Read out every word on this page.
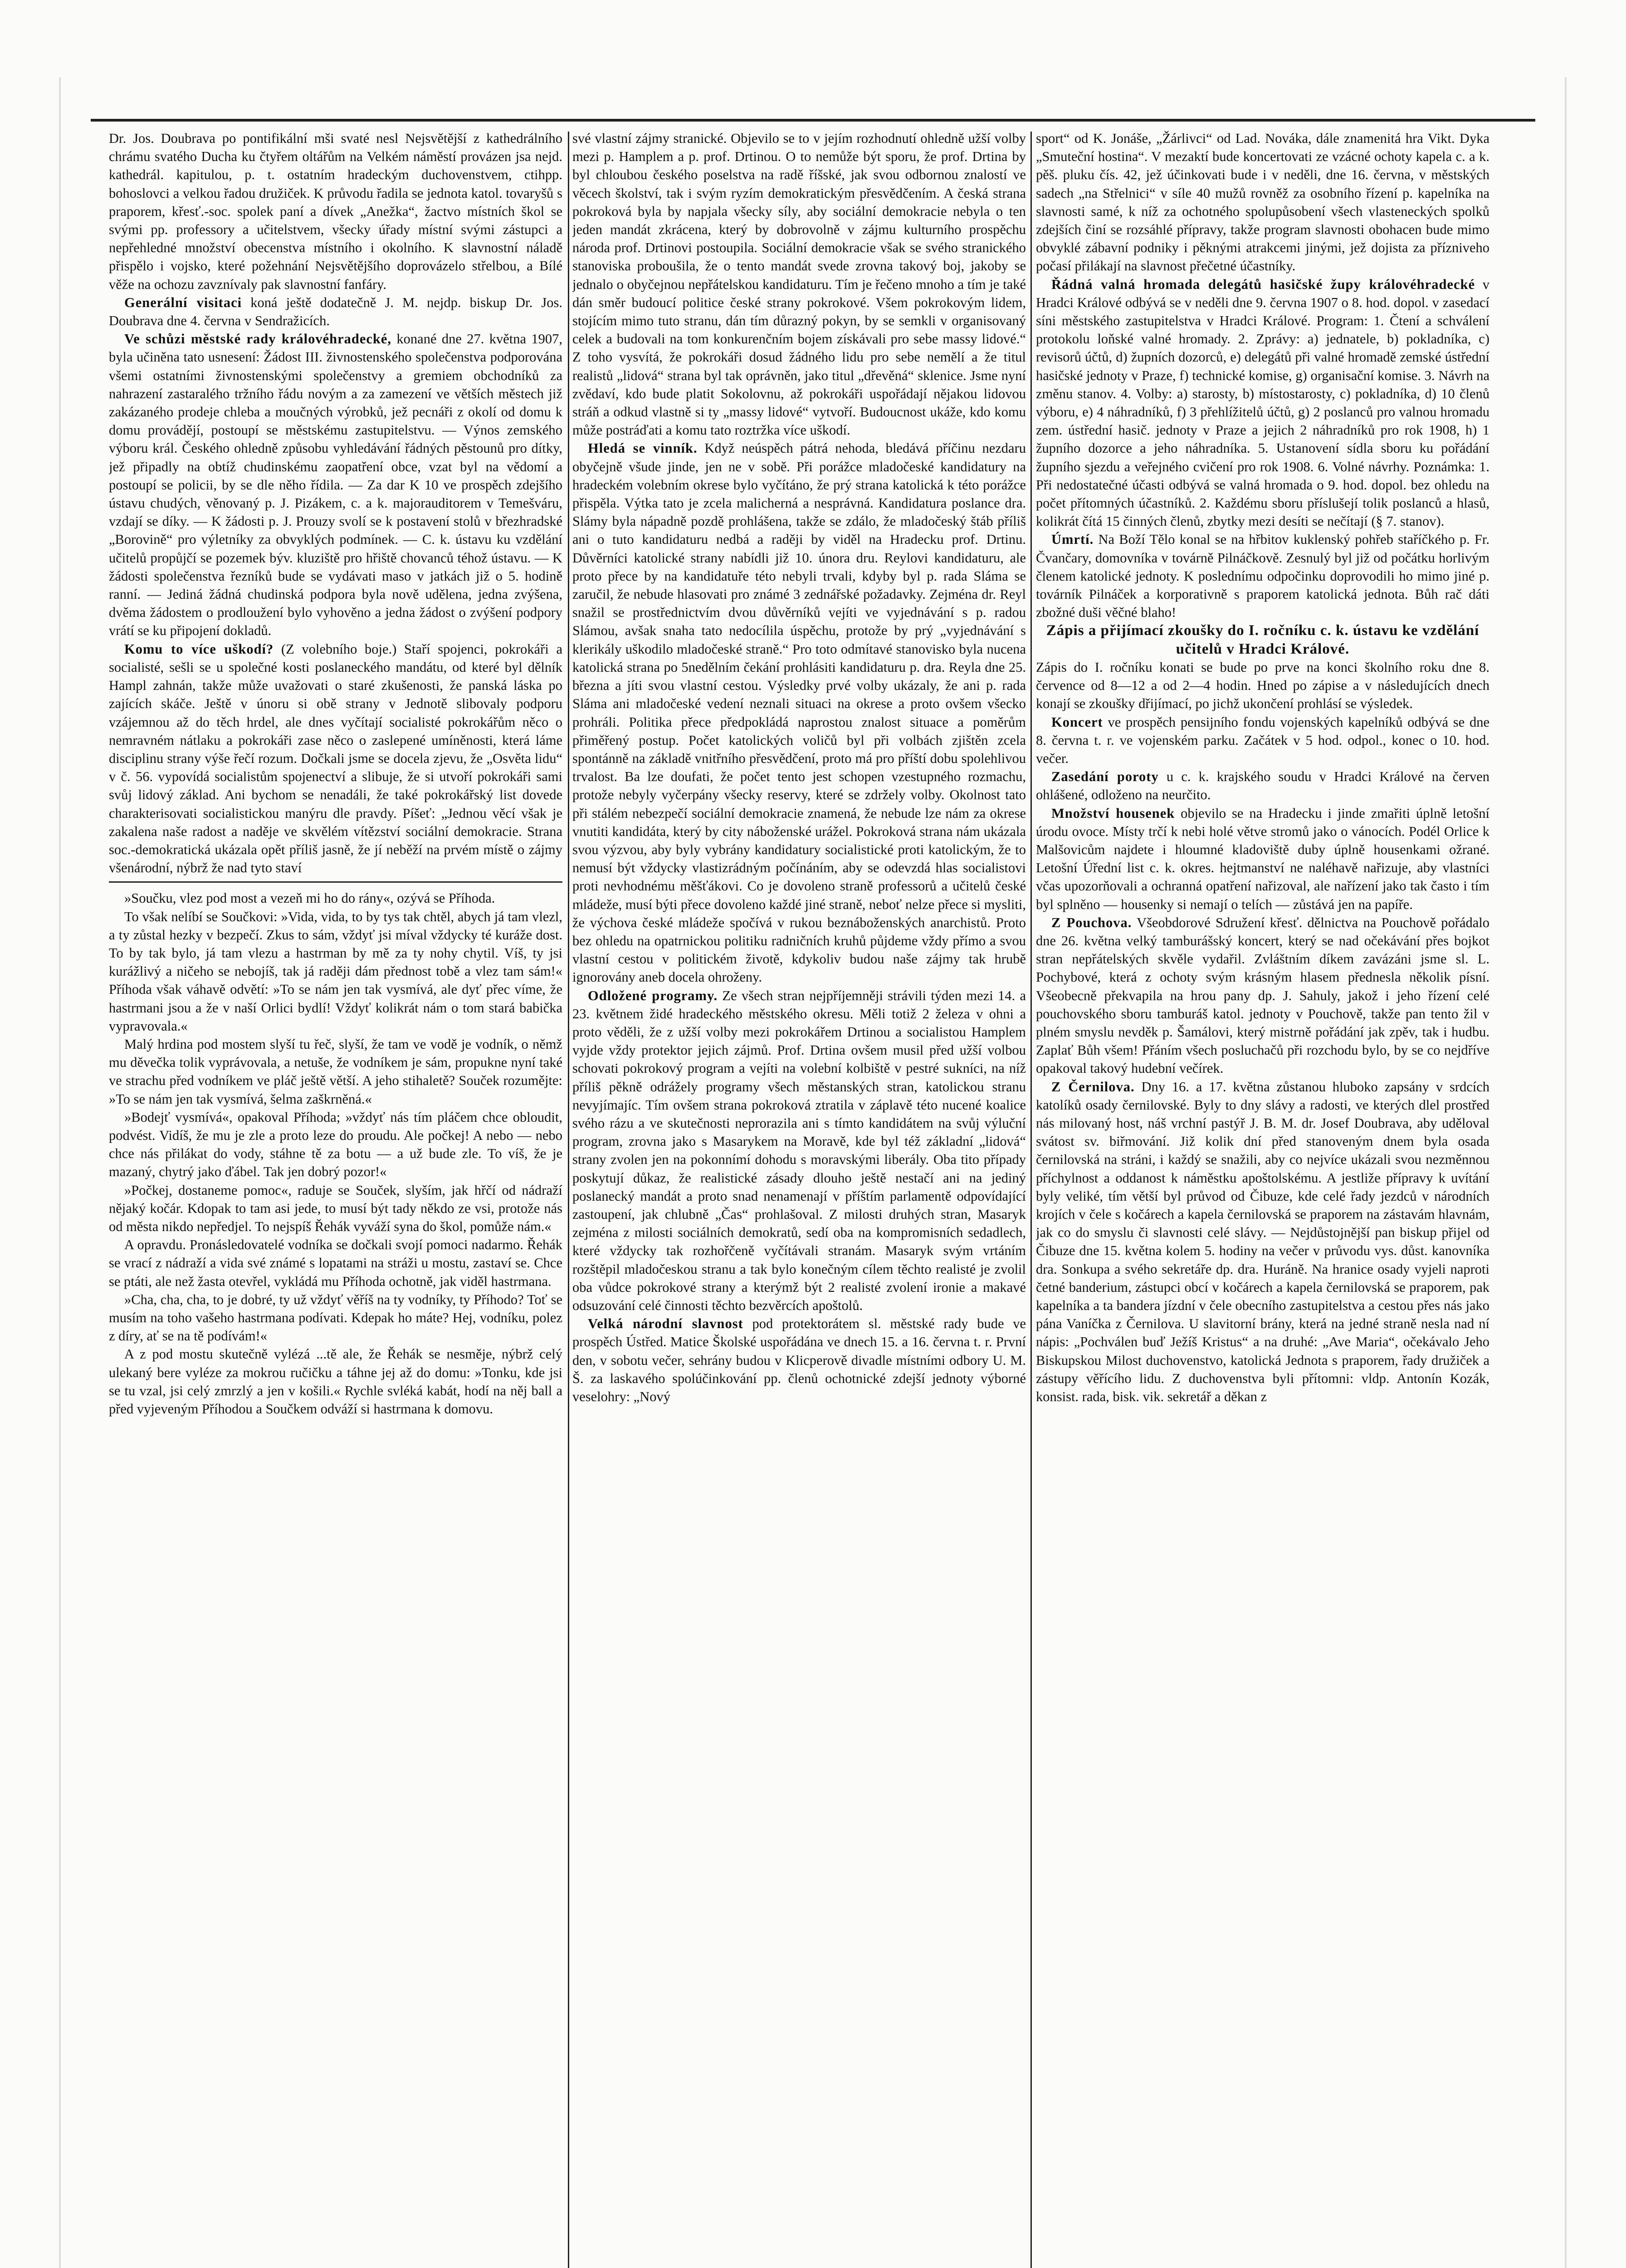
Dr. Jos. Doubrava po pontifikální mši svaté nesl Nejsvětější z kathedrálního chrámu svatého Ducha ku čtyřem oltářům na Velkém náměstí provázen jsa nejd. kathedrál. kapitulou, p. t. ostatním hradeckým duchovenstvem, ctihpp. bohoslovci a velkou řadou družiček. K průvodu řadila se jednota katol. tovaryšů s praporem, křesť.-soc. spolek paní a dívek „Anežka“, žactvo místních škol se svými pp. professory a učitelstvem, všecky úřady místní svými zástupci a nepřehledné množství obecenstva místního i okolního. K slavnostní náladě přispělo i vojsko, které požehnání Nejsvětějšího doprovázelo střelbou, a Bílé věže na ochozu zavznívaly pak slavnostní fanfáry.

Generální visitaci koná ještě dodatečně J. M. nejdp. biskup Dr. Jos. Doubrava dne 4. června v Sendražicích.

Ve schůzi městské rady královéhradecké, konané dne 27. května 1907, byla učiněna tato usnesení: Žádost III. živnostenského společenstva podporována všemi ostatními živnostenskými společenstvy a gremiem obchodníků za nahrazení zastaralého tržního řádu novým a za zamezení ve větších městech již zakázaného prodeje chleba a moučných výrobků, jež pecnáři z okolí od domu k domu provádějí, postoupí se městskému zastupitelstvu. — Výnos zemského výboru král. Českého ohledně způsobu vyhledávání řádných pěstounů pro dítky, jež připadly na obtíž chudinskému zaopatření obce, vzat byl na vědomí a postoupí se policii, by se dle něho řídila. — Za dar K 10 ve prospěch zdejšího ústavu chudých, věnovaný p. J. Pizákem, c. a k. majorauditorem v Temešváru, vzdají se díky. — K žádosti p. J. Prouzy svolí se k postavení stolů v březhradské „Borovině“ pro výletníky za obvyklých podmínek. — C. k. ústavu ku vzdělání učitelů propůjčí se pozemek býv. kluziště pro hřiště chovanců téhož ústavu. — K žádosti společenstva řezníků bude se vydávati maso v jatkách již o 5. hodině ranní. — Jediná žádná chudinská podpora byla nově udělena, jedna zvýšena, dvěma žádostem o prodloužení bylo vyhověno a jedna žádost o zvýšení podpory vrátí se ku připojení dokladů.

Komu to více uškodí? (Z volebního boje.) Staří spojenci, pokrokáři a socialisté, sešli se u společné kosti poslaneckého mandátu, od které byl dělník Hampl zahnán, takže může uvažovati o staré zkušenosti, že panská láska po zajících skáče. Ještě v únoru si obě strany v Jednotě slibovaly podporu vzájemnou až do těch hrdel, ale dnes vyčítají socialisté pokrokářům něco o nemravném nátlaku a pokrokáři zase něco o zaslepené umíněnosti, která láme disciplinu strany výše řečí rozum. Dočkali jsme se docela zjevu, že „Osvěta lidu“ v č. 56. vypovídá socialistům spojenectví a slibuje, že si utvoří pokrokáři sami svůj lidový základ. Ani bychom se nenadáli, že také pokrokářský list dovede charakterisovati socialistickou manýru dle pravdy. Píšeť: „Jednou věcí však je zakalena naše radost a naděje ve skvělém vítězství sociální demokracie. Strana soc.-demokratická ukázala opět příliš jasně, že jí neběží na prvém místě o zájmy všenárodní, nýbrž že nad tyto staví

»Součku, vlez pod most a vezeň mi ho do rány«, ozývá se Příhoda.

To však nelíbí se Součkovi: »Vida, vida, to by tys tak chtěl, abych já tam vlezl, a ty zůstal hezky v bezpečí. Zkus to sám, vždyť jsi míval vždycky té kuráže dost. To by tak bylo, já tam vlezu a hastrman by mě za ty nohy chytil. Víš, ty jsi kurážlivý a ničeho se nebojíš, tak já raději dám přednost tobě a vlez tam sám!« Příhoda však váhavě odvětí: »To se nám jen tak vysmívá, ale dyť přec víme, že hastrmani jsou a že v naší Orlici bydlí! Vždyť kolikrát nám o tom stará babička vypravovala.«

Malý hrdina pod mostem slyší tu řeč, slyší, že tam ve vodě je vodník, o němž mu děvečka tolik vyprávovala, a netuše, že vodníkem je sám, propukne nyní také ve strachu před vodníkem ve pláč ještě větší. A jeho stihaletě? Souček rozumějte: »To se nám jen tak vysmívá, šelma zaškrněná.«

»Bodejť vysmívá«, opakoval Příhoda; »vždyť nás tím pláčem chce obloudit, podvést. Vidíš, že mu je zle a proto leze do proudu. Ale počkej! A nebo — nebo chce nás přilákat do vody, stáhne tě za botu — a už bude zle. To víš, že je mazaný, chytrý jako ďábel. Tak jen dobrý pozor!«

»Počkej, dostaneme pomoc«, raduje se Souček, slyším, jak hřčí od nádraží nějaký kočár. Kdopak to tam asi jede, to musí být tady někdo ze vsi, protože nás od města nikdo nepředjel. To nejspíš Řehák vyváží syna do škol, pomůže nám.«

A opravdu. Pronásledovatelé vodníka se dočkali svojí pomoci nadarmo. Řehák se vrací z nádraží a vida své známé s lopatami na stráži u mostu, zastaví se. Chce se ptáti, ale než žasta otevřel, vykládá mu Příhoda ochotně, jak viděl hastrmana.

»Cha, cha, cha, to je dobré, ty už vždyť věříš na ty vodníky, ty Příhodo? Toť se musím na toho vašeho hastrmana podívati. Kdepak ho máte? Hej, vodníku, polez z díry, ať se na tě podívám!«

A z pod mostu skutečně vylézá ...tě ale, že Řehák se nesměje, nýbrž celý ulekaný bere vyléze za mokrou ručičku a táhne jej až do domu: »Tonku, kde jsi se tu vzal, jsi celý zmrzlý a jen v košili.« Rychle svléká kabát, hodí na něj ball a před vyjeveným Příhodou a Součkem odváží si hastrmana k domovu.

své vlastní zájmy stranické. Objevilo se to v jejím rozhodnutí ohledně užší volby mezi p. Hamplem a p. prof. Drtinou. O to nemůže být sporu, že prof. Drtina by byl chloubou českého poselstva na radě říšské, jak svou odbornou znalostí ve věcech školství, tak i svým ryzím demokratickým přesvědčením. A česká strana pokroková byla by napjala všecky síly, aby sociální demokracie nebyla o ten jeden mandát zkrácena, který by dobrovolně v zájmu kulturního prospěchu národa prof. Drtinovi postoupila. Sociální demokracie však se svého stranického stanoviska proboušila, že o tento mandát svede zrovna takový boj, jakoby se jednalo o obyčejnou nepřátelskou kandidaturu. Tím je řečeno mnoho a tím je také dán směr budoucí politice české strany pokrokové. Všem pokrokovým lidem, stojícím mimo tuto stranu, dán tím důrazný pokyn, by se semkli v organisovaný celek a budovali na tom konkurenčním bojem získávali pro sebe massy lidové.“ Z toho vysvítá, že pokrokáři dosud žádného lidu pro sebe nemělí a že titul realistů „lidová“ strana byl tak oprávněn, jako titul „dřevěná“ sklenice. Jsme nyní zvědaví, kdo bude platit Sokolovnu, až pokrokáři uspořádají nějakou lidovou stráň a odkud vlastně si ty „massy lidové“ vytvoří. Budoucnost ukáže, kdo komu může postráďati a komu tato roztržka více uškodí.

Hledá se vinník. Když neúspěch pátrá nehoda, bledává příčinu nezdaru obyčejně všude jinde, jen ne v sobě. Při porážce mladočeské kandidatury na hradeckém volebním okrese bylo vyčítáno, že prý strana katolická k této porážce přispěla. Výtka tato je zcela malicherná a nesprávná. Kandidatura poslance dra. Slámy byla nápadně pozdě prohlášena, takže se zdálo, že mladočeský štáb příliš ani o tuto kandidaturu nedbá a raději by viděl na Hradecku prof. Drtinu. Důvěrníci katolické strany nabídli již 10. února dru. Reylovi kandidaturu, ale proto přece by na kandidatuře této nebyli trvali, kdyby byl p. rada Sláma se zaručil, že nebude hlasovati pro známé 3 zednářské požadavky. Zejména dr. Reyl snažil se prostřednictvím dvou důvěrníků vejíti ve vyjednávání s p. radou Slámou, avšak snaha tato nedocílila úspěchu, protože by prý „vyjednávání s klerikály uškodilo mladočeské straně.“ Pro toto odmítavé stanovisko byla nucena katolická strana po 5nedělním čekání prohlásiti kandidaturu p. dra. Reyla dne 25. března a jíti svou vlastní cestou. Výsledky prvé volby ukázaly, že ani p. rada Sláma ani mladočeské vedení neznali situaci na okrese a proto ovšem všecko prohráli. Politika přece předpokládá naprostou znalost situace a poměrům přiměřený postup. Počet katolických voličů byl při volbách zjištěn zcela spontánně na základě vnitřního přesvědčení, proto má pro příští dobu spolehlivou trvalost. Ba lze doufati, že počet tento jest schopen vzestupného rozmachu, protože nebyly vyčerpány všecky reservy, které se zdržely volby. Okolnost tato při stálém nebezpečí sociální demokracie znamená, že nebude lze nám za okrese vnutiti kandidáta, který by city náboženské urážel. Pokroková strana nám ukázala svou výzvou, aby byly vybrány kandidatury socialistické proti katolickým, že to nemusí být vždycky vlastizrádným počínáním, aby se odevzdá hlas socialistovi proti nevhodnému měšťákovi. Co je dovoleno straně professorů a učitelů české mládeže, musí býti přece dovoleno každé jiné straně, neboť nelze přece si mysliti, že výchova české mládeže spočívá v rukou beznáboženských anarchistů. Proto bez ohledu na opatrnickou politiku radničních kruhů půjdeme vždy přímo a svou vlastní cestou v politickém životě, kdykoliv budou naše zájmy tak hrubě ignorovány aneb docela ohroženy.

Odložené programy. Ze všech stran nejpříjemněji strávili týden mezi 14. a 23. květnem židé hradeckého městského okresu. Měli totiž 2 železa v ohni a proto věděli, že z užší volby mezi pokrokářem Drtinou a socialistou Hamplem vyjde vždy protektor jejich zájmů. Prof. Drtina ovšem musil před užší volbou schovati pokrokový program a vejíti na volební kolbiště v pestré sukníci, na níž příliš pěkně odrážely programy všech městanských stran, katolickou stranu nevyjímajíc. Tím ovšem strana pokroková ztratila v záplavě této nucené koalice svého rázu a ve skutečnosti neprorazila ani s tímto kandidátem na svůj výluční program, zrovna jako s Masarykem na Moravě, kde byl též základní „lidová“ strany zvolen jen na pokonnímí dohodu s moravskými liberály. Oba tito případy poskytují důkaz, že realistické zásady dlouho ještě nestačí ani na jediný poslanecký mandát a proto snad nenamenají v příštím parlamentě odpovídající zastoupení, jak chlubně „Čas“ prohlašoval. Z milosti druhých stran, Masaryk zejména z milosti sociálních demokratů, sedí oba na kompromisních sedadlech, které vždycky tak rozhořčeně vyčítávali stranám. Masaryk svým vrtáním rozštěpil mladočeskou stranu a tak bylo konečným cílem těchto realisté je zvolil oba vůdce pokrokové strany a kterýmž být 2 realisté zvolení ironie a makavé odsuzování celé činnosti těchto bezvěrcích apoštolů.

Velká národní slavnost pod protektorátem sl. městské rady bude ve prospěch Ústřed. Matice Školské uspořádána ve dnech 15. a 16. června t. r. První den, v sobotu večer, sehrány budou v Klicperově divadle místními odbory U. M. Š. za laskavého spolúčinkování pp. členů ochotnické zdejší jednoty výborné veselohry: „Nový

sport“ od K. Jonáše, „Žárlivci“ od Lad. Nováka, dále znamenitá hra Vikt. Dyka „Smuteční hostina“. V mezaktí bude koncertovati ze vzácné ochoty kapela c. a k. pěš. pluku čís. 42, jež účinkovati bude i v neděli, dne 16. června, v městských sadech „na Střelnici“ v síle 40 mužů rovněž za osobního řízení p. kapelníka na slavnosti samé, k níž za ochotného spolupůsobení všech vlasteneckých spolků zdejších činí se rozsáhlé přípravy, takže program slavnosti obohacen bude mimo obvyklé zábavní podniky i pěknými atrakcemi jinými, jež dojista za přízniveho počasí přilákají na slavnost přečetné účastníky.

Řádná valná hromada delegátů hasičské župy královéhradecké v Hradci Králové odbývá se v neděli dne 9. června 1907 o 8. hod. dopol. v zasedací síni městského zastupitelstva v Hradci Králové. Program: 1. Čtení a schválení protokolu loňské valné hromady. 2. Zprávy: a) jednatele, b) pokladníka, c) revisorů účtů, d) župních dozorců, e) delegátů při valné hromadě zemské ústřední hasičské jednoty v Praze, f) technické komise, g) organisační komise. 3. Návrh na změnu stanov. 4. Volby: a) starosty, b) místostarosty, c) pokladníka, d) 10 členů výboru, e) 4 náhradníků, f) 3 přehlížitelů účtů, g) 2 poslanců pro valnou hromadu zem. ústřední hasič. jednoty v Praze a jejich 2 náhradníků pro rok 1908, h) 1 župního dozorce a jeho náhradníka. 5. Ustanovení sídla sboru ku pořádání župního sjezdu a veřejného cvičení pro rok 1908. 6. Volné návrhy. Poznámka: 1. Při nedostatečné účasti odbývá se valná hromada o 9. hod. dopol. bez ohledu na počet přítomných účastníků. 2. Každému sboru příslušejí tolik poslanců a hlasů, kolikrát čítá 15 činných členů, zbytky mezi desíti se nečítají (§ 7. stanov).

Úmrtí. Na Boží Tělo konal se na hřbitov kuklenský pohřeb staříčkého p. Fr. Čvančary, domovníka v továrně Pilnáčkově. Zesnulý byl již od počátku horlivým členem katolické jednoty. K poslednímu odpočinku doprovodili ho mimo jiné p. továrník Pilnáček a korporativně s praporem katolická jednota. Bůh rač dáti zbožné duši věčné blaho!

Zápis a přijímací zkoušky do I. ročníku c. k. ústavu ke vzdělání učitelů v Hradci Králové.
Zápis do I. ročníku konati se bude po prve na konci školního roku dne 8. července od 8—12 a od 2—4 hodin. Hned po zápise a v následujících dnech konají se zkoušky dřijímací, po jichž ukončení prohlásí se výsledek.

Koncert ve prospěch pensijního fondu vojenských kapelníků odbývá se dne 8. června t. r. ve vojenském parku. Začátek v 5 hod. odpol., konec o 10. hod. večer.

Zasedání poroty u c. k. krajského soudu v Hradci Králové na červen ohlášené, odloženo na neurčito.

Množství housenek objevilo se na Hradecku i jinde zmařiti úplně letošní úrodu ovoce. Místy trčí k nebi holé větve stromů jako o vánocích. Podél Orlice k Malšovicům najdete i hloumné kladoviště duby úplně housenkami ožrané. Letošní Úřední list c. k. okres. hejtmanství ne naléhavě nařizuje, aby vlastníci včas upozorňovali a ochranná opatření nařizoval, ale nařízení jako tak často i tím byl splněno — housenky si nemají o telích — zůstává jen na papíře.

Z Pouchova. Všeobdorové Sdružení křesť. dělnictva na Pouchově pořádalo dne 26. května velký tamburášský koncert, který se nad očekávání přes bojkot stran nepřátelských skvěle vydařil. Zvláštním díkem zavázáni jsme sl. L. Pochybové, která z ochoty svým krásným hlasem přednesla několik písní. Všeobecně překvapila na hrou pany dp. J. Sahuly, jakož i jeho řízení celé pouchovského sboru tamburáš katol. jednoty v Pouchově, takže pan tento žil v plném smyslu nevděk p. Šamálovi, který mistrně pořádání jak zpěv, tak i hudbu. Zaplať Bůh všem! Přáním všech posluchačů při rozchodu bylo, by se co nejdříve opakoval takový hudební večírek.

Z Černilova. Dny 16. a 17. května zůstanou hluboko zapsány v srdcích katolíků osady černilovské. Byly to dny slávy a radosti, ve kterých dlel prostřed nás milovaný host, náš vrchní pastýř J. B. M. dr. Josef Doubrava, aby uděloval svátost sv. biřmování. Již kolik dní před stanoveným dnem byla osada černilovská na stráni, i každý se snažili, aby co nejvíce ukázali svou nezměnnou příchylnost a oddanost k náměstku apoštolskému. A jestliže přípravy k uvítání byly veliké, tím větší byl průvod od Čibuze, kde celé řady jezdců v národních krojích v čele s kočárech a kapela černilovská se praporem na zástavám hlavnám, jak co do smyslu či slavnosti celé slávy. — Nejdůstojnější pan biskup přijel od Čibuze dne 15. května kolem 5. hodiny na večer v průvodu vys. důst. kanovníka dra. Sonkupa a svého sekretáře dp. dra. Huráně. Na hranice osady vyjeli naproti četné banderium, zástupci obcí v kočárech a kapela černilovská se praporem, pak kapelníka a ta bandera jízdní v čele obecního zastupitelstva a cestou přes nás jako pána Vaníčka z Černilova. U slavitorní brány, která na jedné straně nesla nad ní nápis: „Pochválen buď Ježíš Kristus“ a na druhé: „Ave Maria“, očekávalo Jeho Biskupskou Milost duchovenstvo, katolická Jednota s praporem, řady družiček a zástupy věřícího lidu. Z duchovenstva byli přítomni: vldp. Antonín Kozák, konsist. rada, bisk. vik. sekretář a děkan z
